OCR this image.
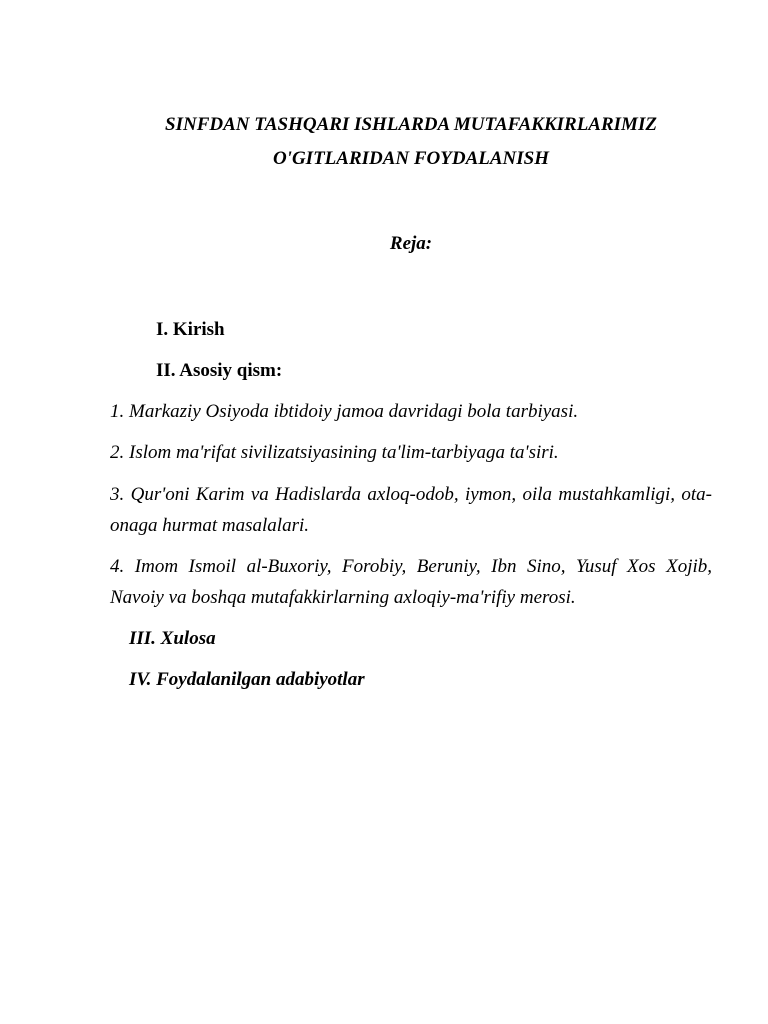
SINFDAN TASHQARI ISHLARDA MUTAFAKKIRLARIMIZ
O'GITLARIDAN FOYDALANISH
Reja:
I. Kirish
II. Asosiy qism:
1. Markaziy Osiyoda ibtidoiy jamoa davridagi bola tarbiyasi.
2. Islom ma'rifat sivilizatsiyasining ta'lim-tarbiyaga ta'siri.
3. Qur'oni Karim va Hadislarda axloq-odob, iymon, oila mustahkamligi, ota-onaga hurmat masalalari.
4. Imom Ismoil al-Buxoriy, Forobiy, Beruniy, Ibn Sino, Yusuf Xos Xojib, Navoiy va boshqa mutafakkirlarning axloqiy-ma'rifiy merosi.
III. Xulosa
IV. Foydalanilgan adabiyotlar
